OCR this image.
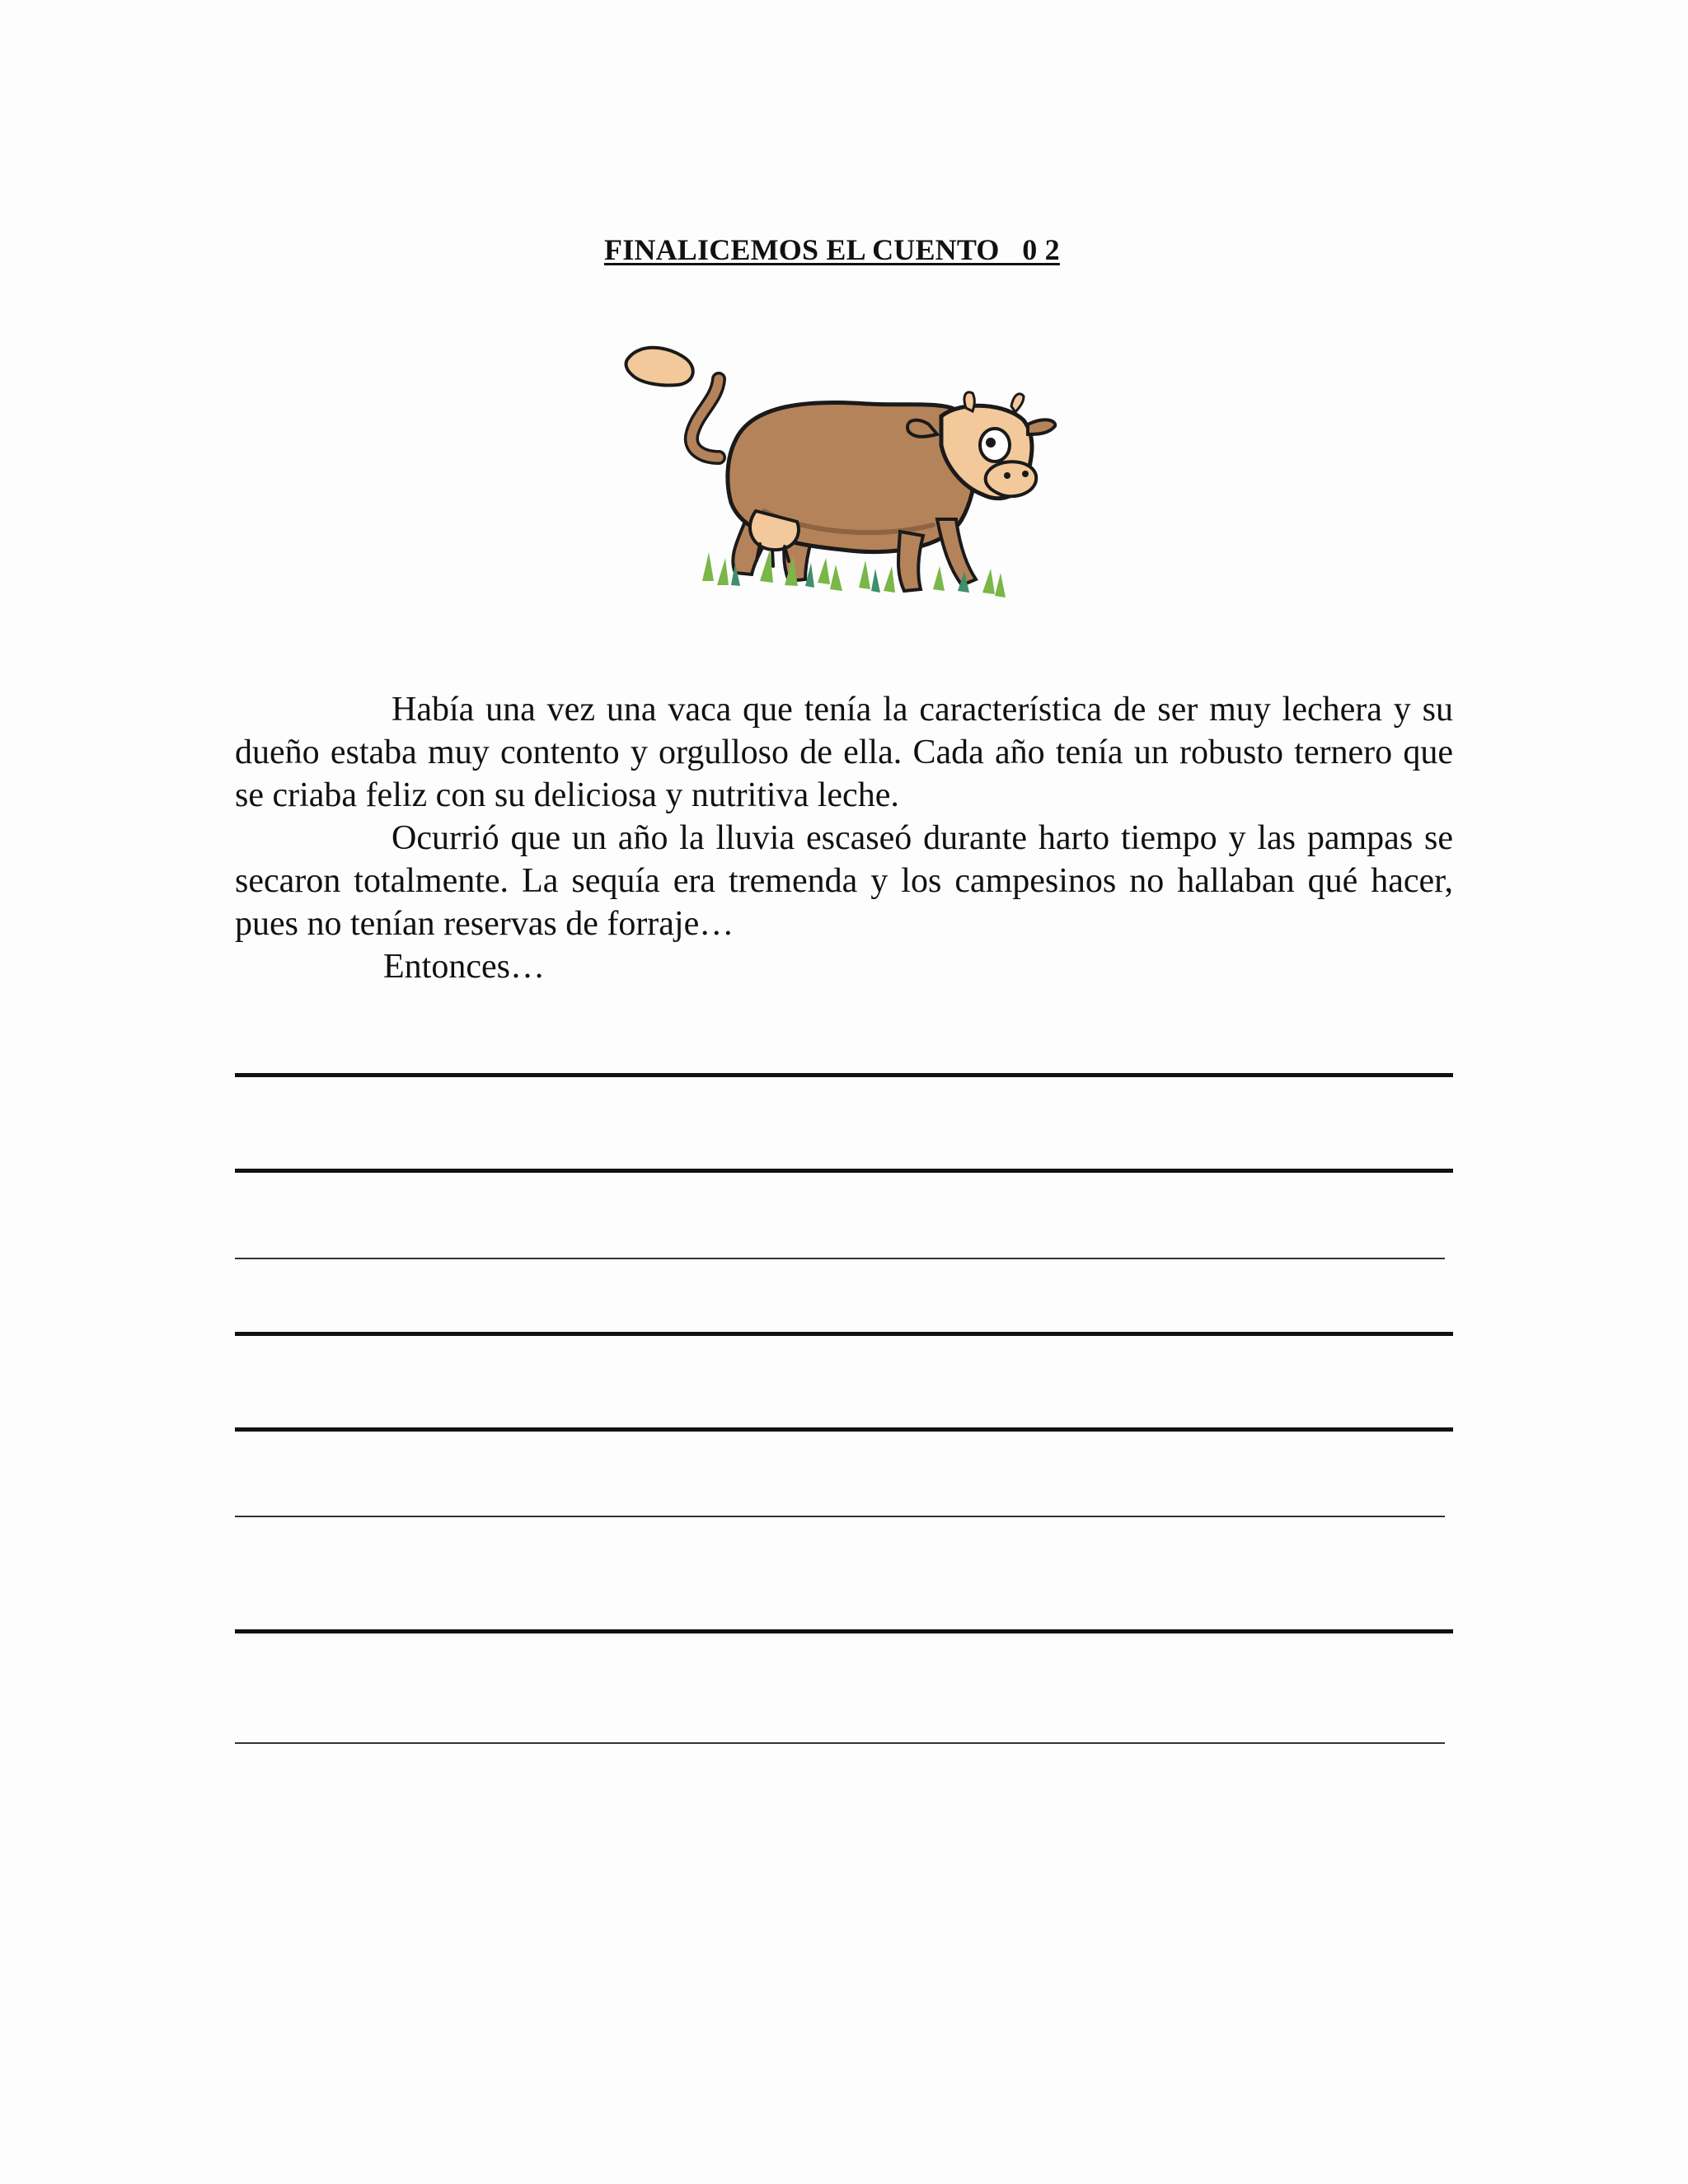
FINALICEMOS EL CUENTO   0 2

Había una vez una vaca que tenía la característica de ser muy lechera y su dueño estaba muy contento y orgulloso de ella. Cada año tenía un robusto ternero que se criaba feliz con su deliciosa y nutritiva leche.

Ocurrió que un año la lluvia escaseó durante harto tiempo y las pampas se secaron totalmente. La sequía era tremenda y los campesinos no hallaban qué hacer, pues no tenían reservas de forraje…

Entonces…
